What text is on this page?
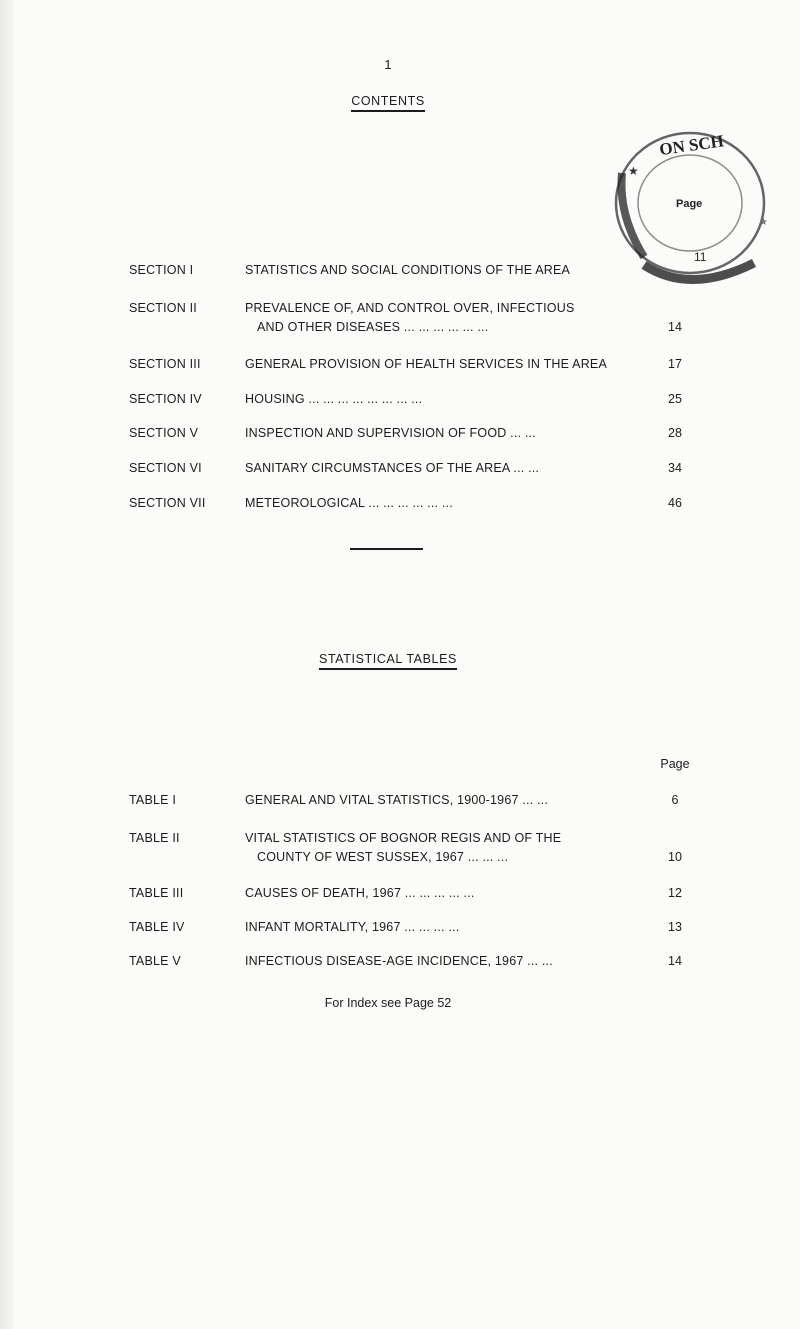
1
CONTENTS
ON SCH
Page
11
★
★
SECTION I	STATISTICS AND SOCIAL CONDITIONS OF THE AREA
SECTION II	PREVALENCE OF, AND CONTROL OVER, INFECTIOUS
AND OTHER DISEASES ... ... ... ... ... ...	14
SECTION III	GENERAL PROVISION OF HEALTH SERVICES IN THE AREA	17
SECTION IV	HOUSING ... ... ... ... ... ... ... ...	25
SECTION V	INSPECTION AND SUPERVISION OF FOOD ... ...	28
SECTION VI	SANITARY CIRCUMSTANCES OF THE AREA ... ...	34
SECTION VII	METEOROLOGICAL ... ... ... ... ... ...	46
STATISTICAL TABLES
Page
TABLE I	GENERAL AND VITAL STATISTICS, 1900-1967 ... ...	6
TABLE II	VITAL STATISTICS OF BOGNOR REGIS AND OF THE
COUNTY OF WEST SUSSEX, 1967 ... ... ...	10
TABLE III	CAUSES OF DEATH, 1967 ... ... ... ... ...	12
TABLE IV	INFANT MORTALITY, 1967 ... ... ... ...	13
TABLE V	INFECTIOUS DISEASE-AGE INCIDENCE, 1967 ... ...	14
For Index see Page 52
